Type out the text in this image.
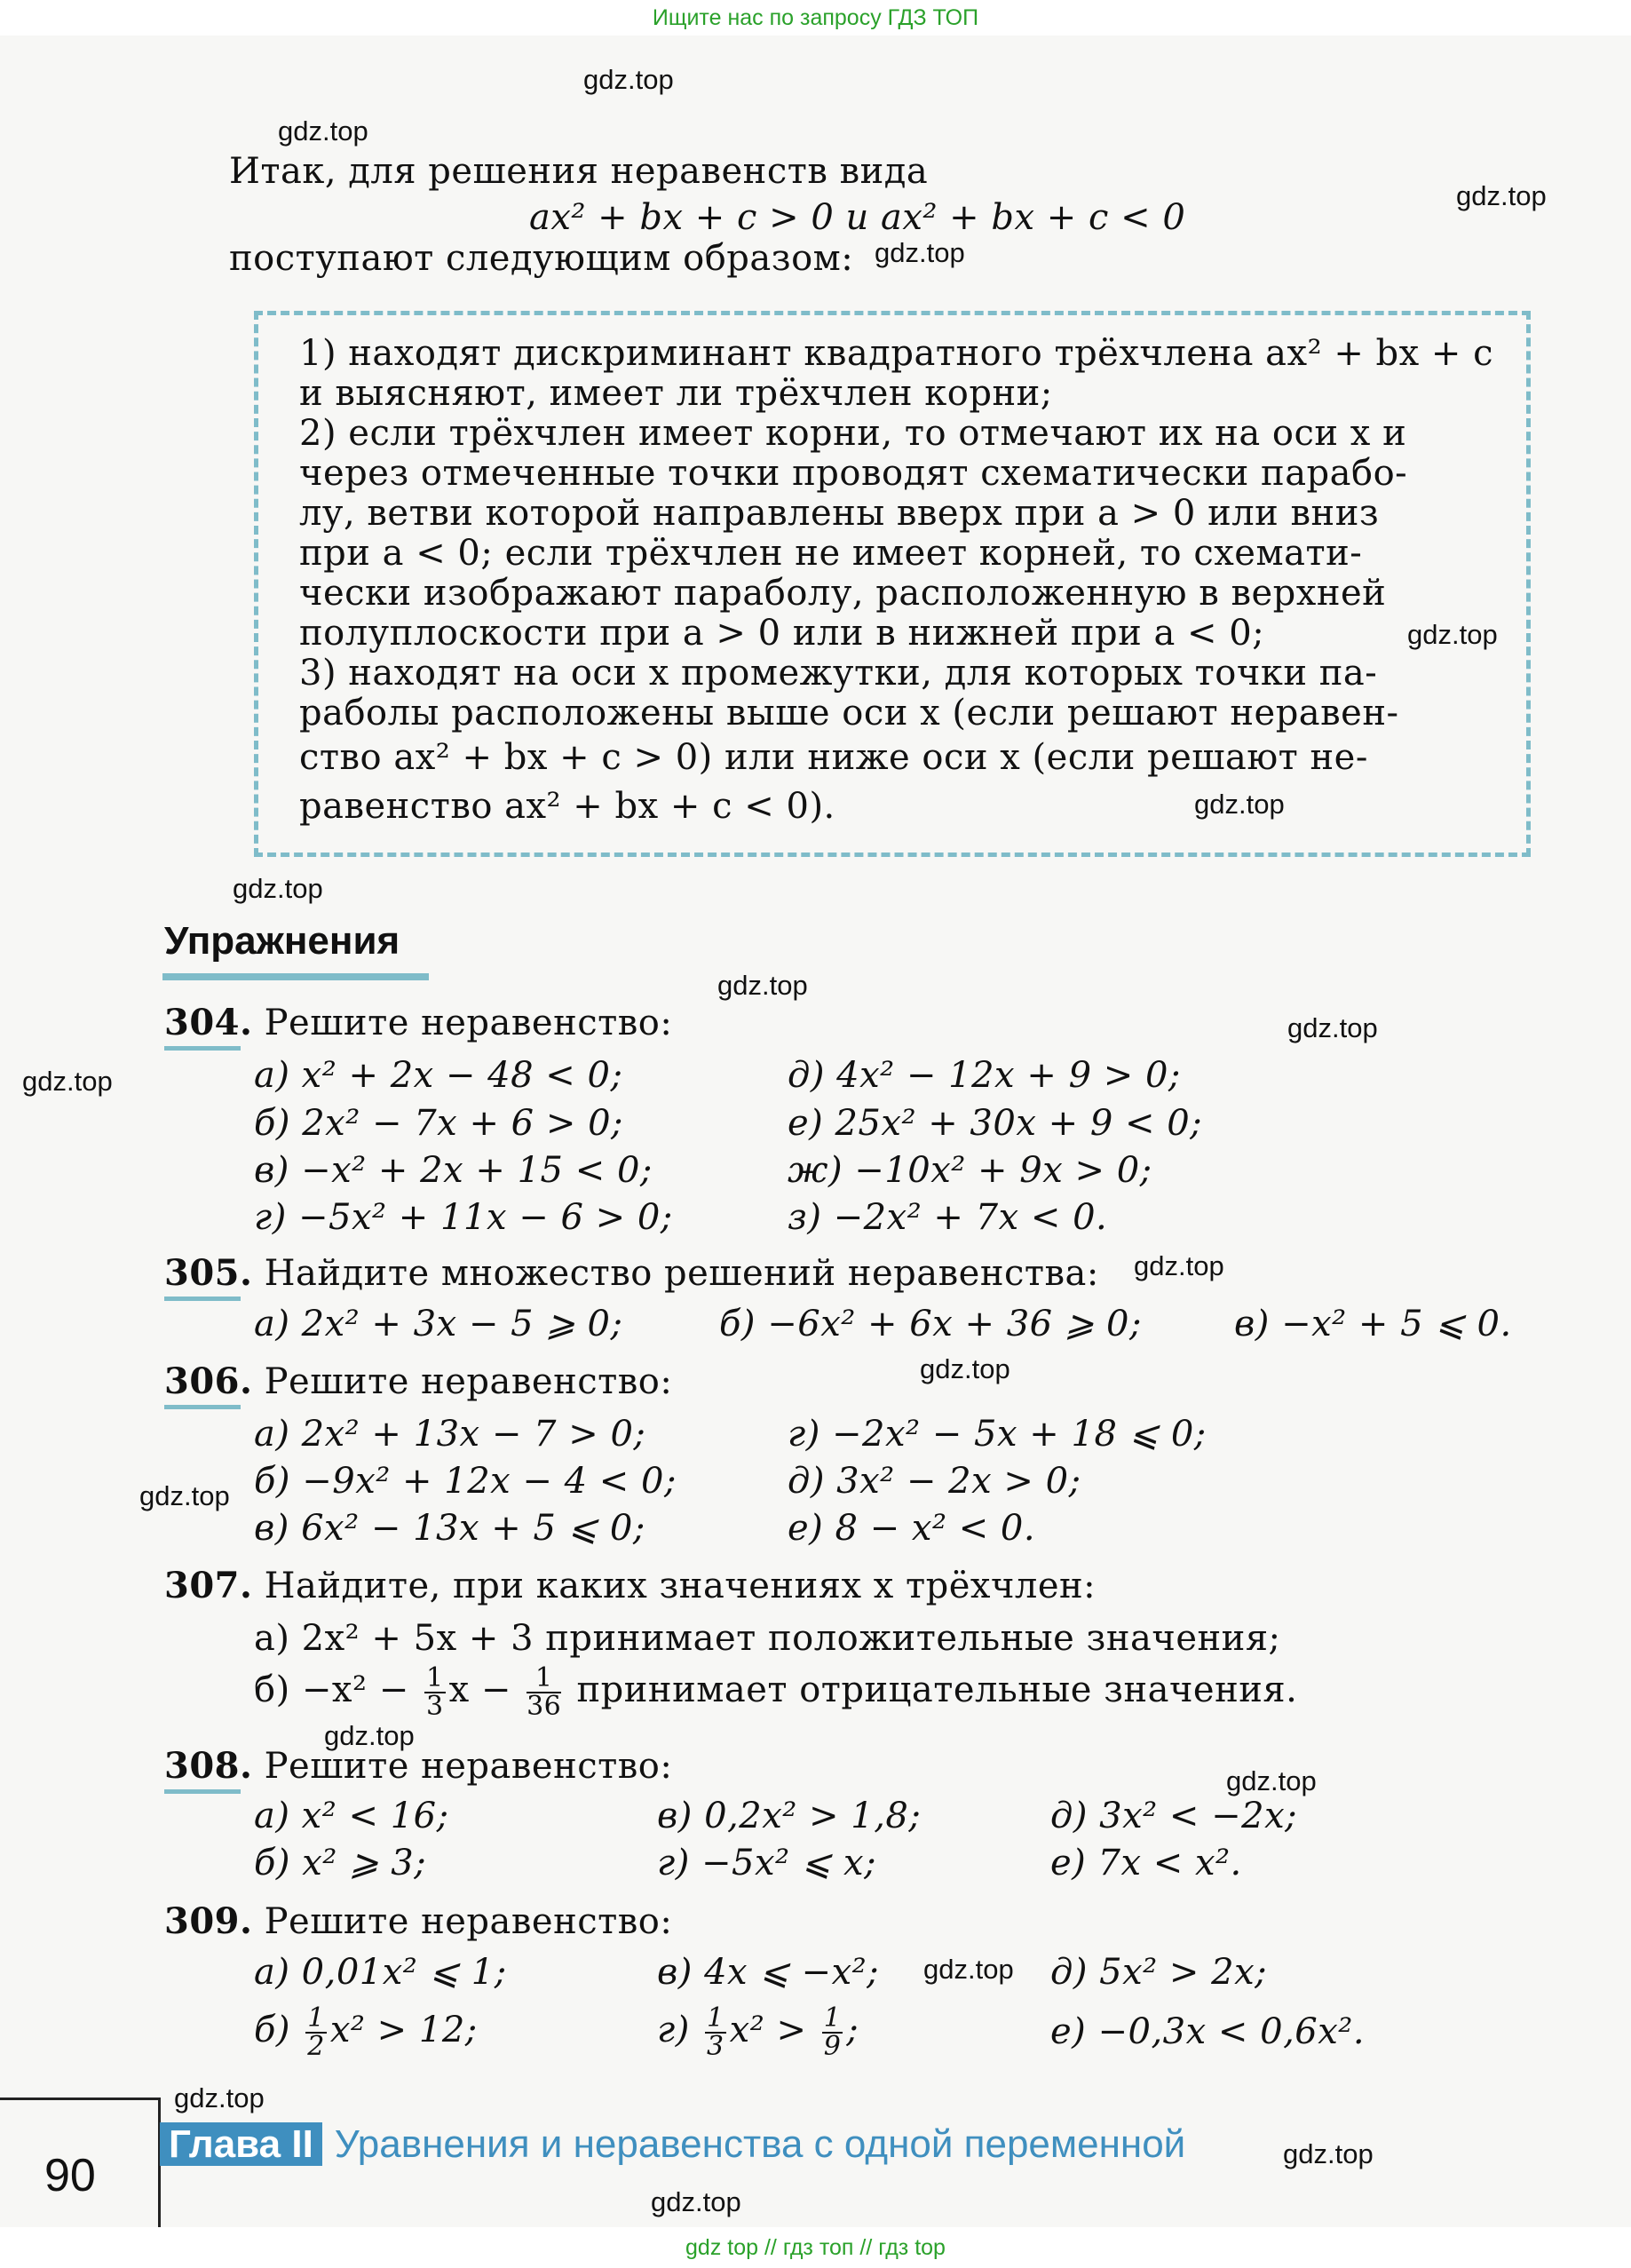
Ищите нас по запросу ГДЗ ТОП
gdz.top
gdz.top
gdz.top
gdz.top
gdz.top
gdz.top
gdz.top
gdz.top
gdz.top
gdz.top
gdz.top
gdz.top
gdz.top
gdz.top
gdz.top
gdz.top
gdz.top
gdz.top
gdz.top
Итак, для решения неравенств вида
ax² + bx + c > 0 и ax² + bx + c < 0
поступают следующим образом:
1) находят дискриминант квадратного трёхчлена ax² + bx + c
и выясняют, имеет ли трёхчлен корни;
2) если трёхчлен имеет корни, то отмечают их на оси x и
через отмеченные точки проводят схематически парабо-
лу, ветви которой направлены вверх при a > 0 или вниз
при a < 0; если трёхчлен не имеет корней, то схемати-
чески изображают параболу, расположенную в верхней
полуплоскости при a > 0 или в нижней при a < 0;
3) находят на оси x промежутки, для которых точки па-
раболы расположены выше оси x (если решают неравен-
ство ax² + bx + c > 0) или ниже оси x (если решают не-
равенство ax² + bx + c < 0).
Упражнения
304. Решите неравенство:
а) x² + 2x − 48 < 0;
б) 2x² − 7x + 6 > 0;
в) −x² + 2x + 15 < 0;
г) −5x² + 11x − 6 > 0;
д) 4x² − 12x + 9 > 0;
е) 25x² + 30x + 9 < 0;
ж) −10x² + 9x > 0;
з) −2x² + 7x < 0.
305. Найдите множество решений неравенства:
а) 2x² + 3x − 5 ⩾ 0;	б) −6x² + 6x + 36 ⩾ 0;	в) −x² + 5 ⩽ 0.
306. Решите неравенство:
а) 2x² + 13x − 7 > 0;
б) −9x² + 12x − 4 < 0;
в) 6x² − 13x + 5 ⩽ 0;
г) −2x² − 5x + 18 ⩽ 0;
д) 3x² − 2x > 0;
е) 8 − x² < 0.
307. Найдите, при каких значениях x трёхчлен:
а) 2x² + 5x + 3 принимает положительные значения;
$б) -x^2 - \frac{1}{3}$ $x - \frac{1}{36}$ принимает отрицательные значения.
308. Решите неравенство:
а) x² < 16;
б) x² ⩾ 3;
в) 0,2x² > 1,8;
г) −5x² ⩽ x;
д) 3x² < −2x;
е) 7x < x².
309. Решите неравенство:
а) 0,01x² ⩽ 1;
$б) \frac{1}{2} x^2 > 12$;
в) 4x ⩽ −x²;
$г) \frac{1}{3} x^2 > \frac{1}{9}$ ;
д) 5x² > 2x;
е) −0,3x < 0,6x².
90
Глава II Уравнения и неравенства с одной переменной
gdz top // гдз топ // гдз top
